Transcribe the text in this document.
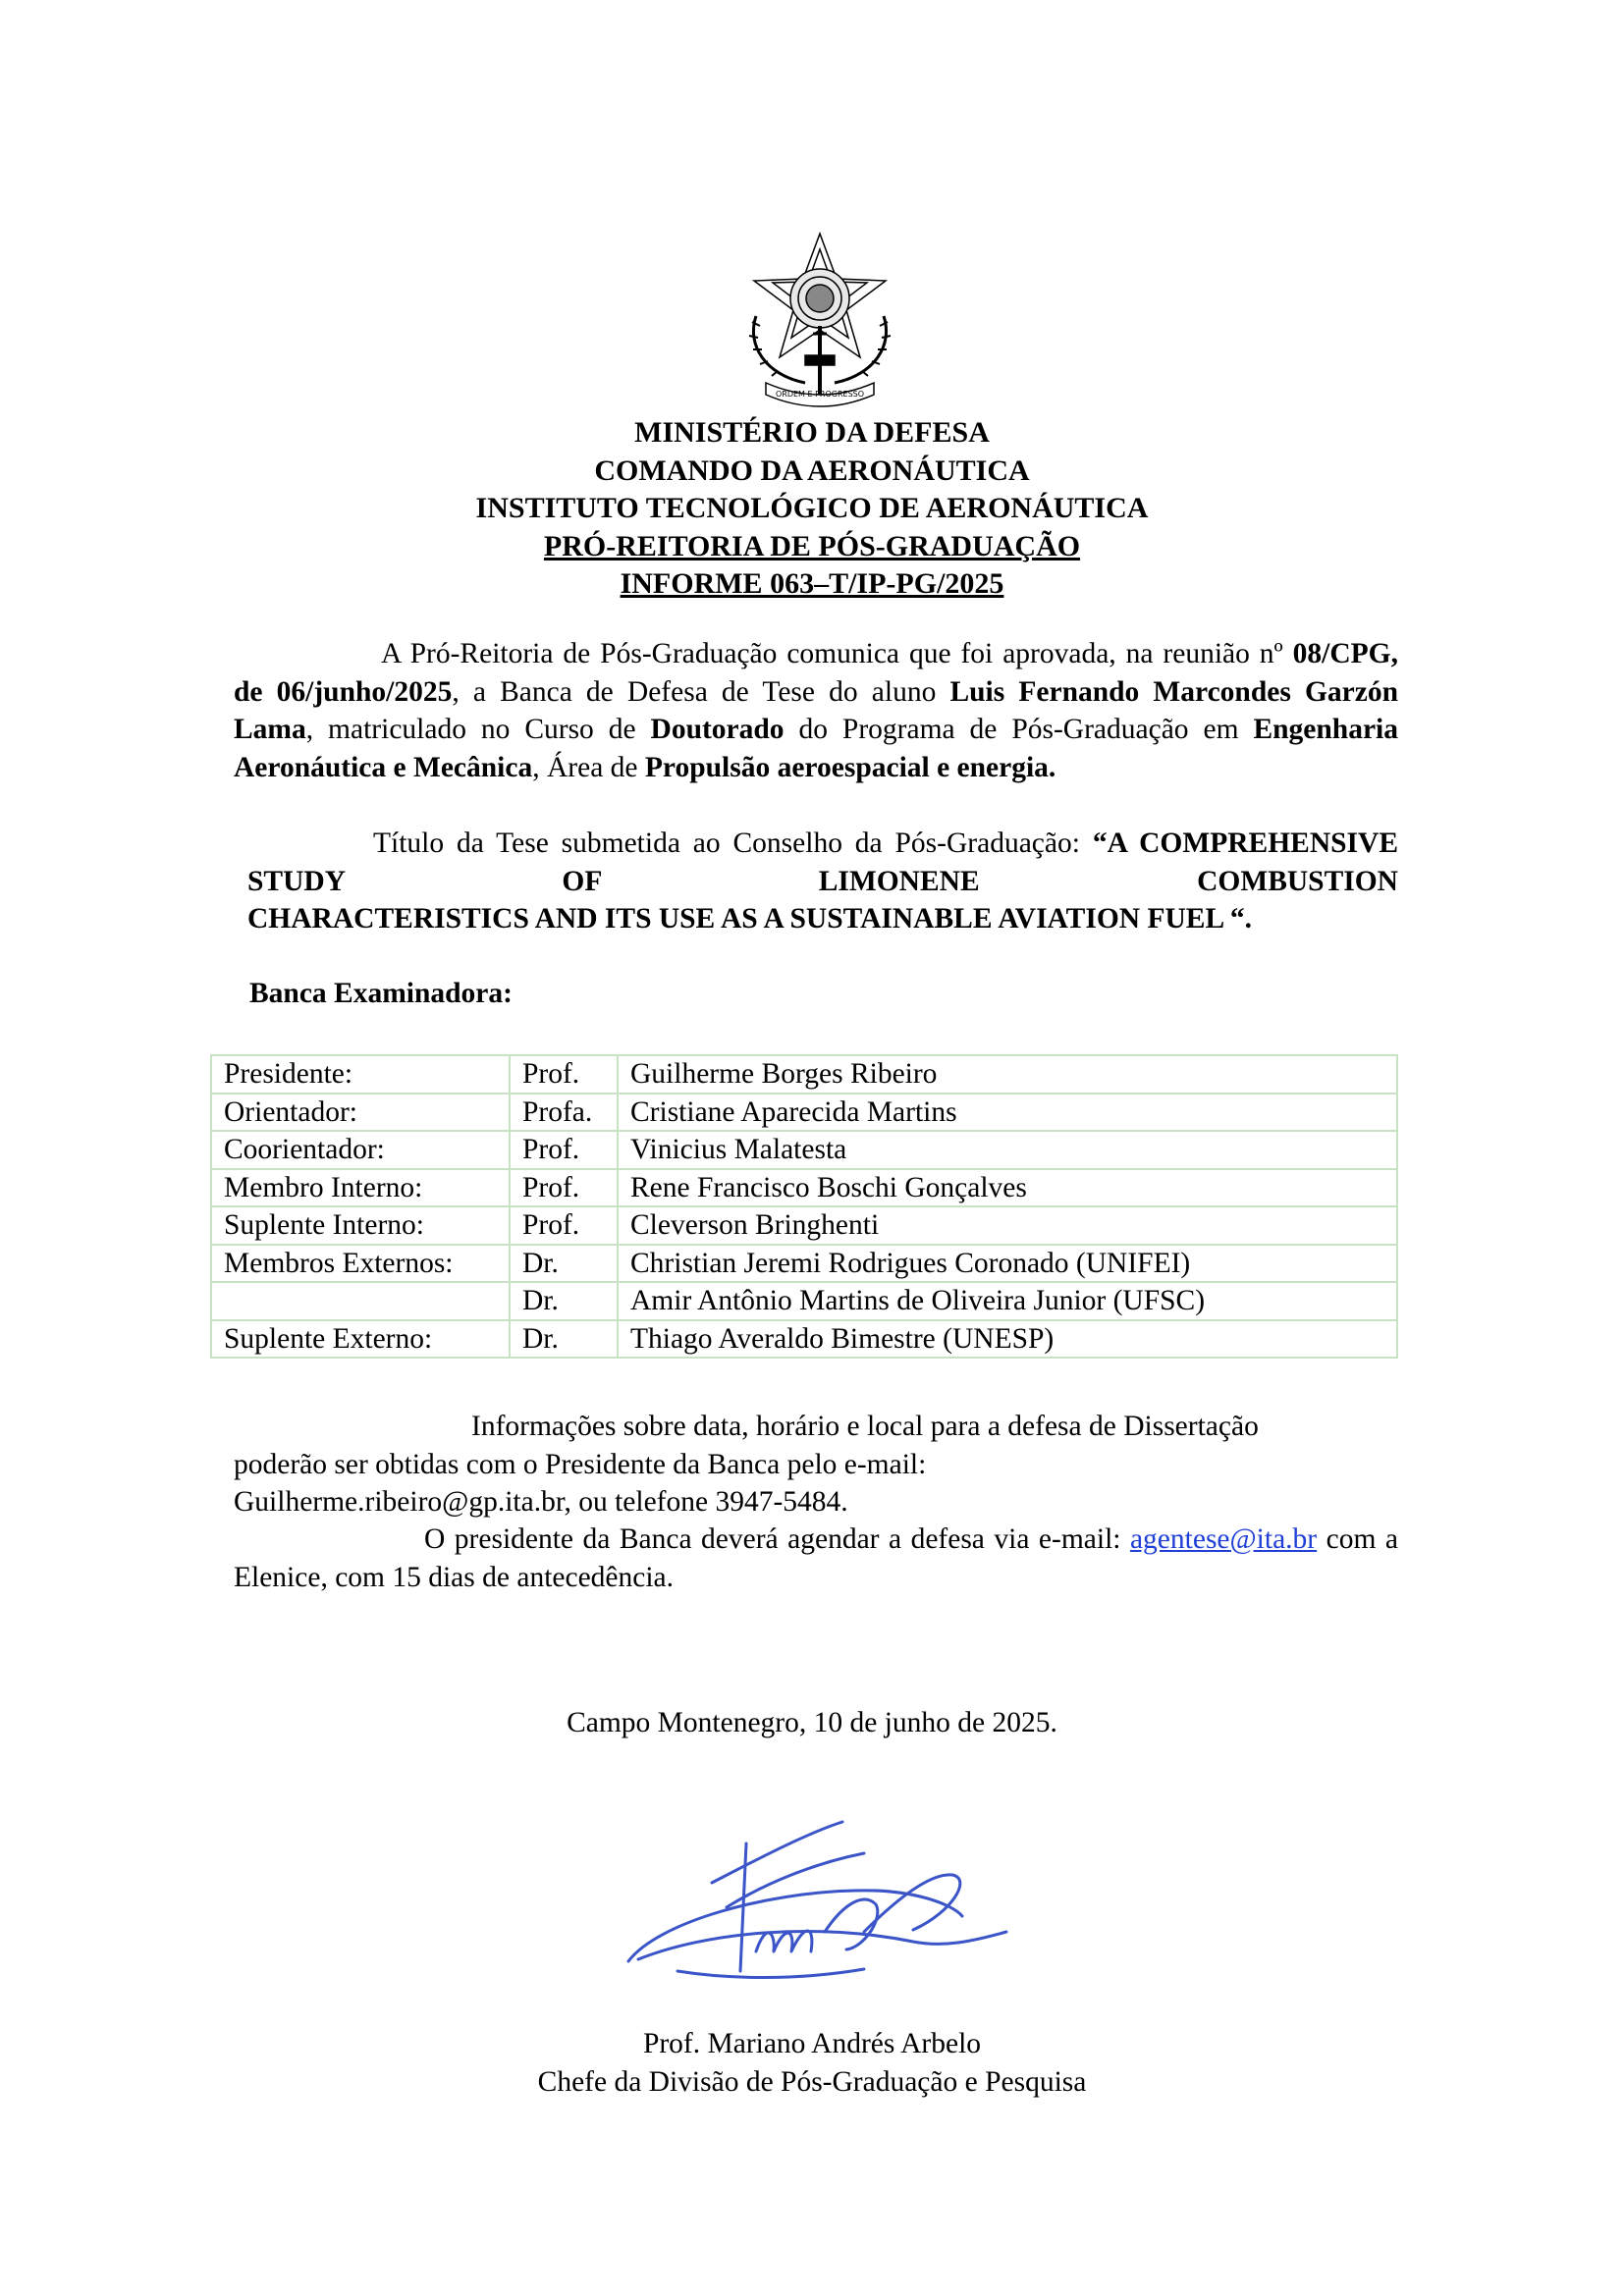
ORDEM E PROGRESSO
MINISTÉRIO DA DEFESA
COMANDO DA AERONÁUTICA
INSTITUTO TECNOLÓGICO DE AERONÁUTICA
PRÓ-REITORIA DE PÓS-GRADUAÇÃO
INFORME 063–T/IP-PG/2025
A Pró-Reitoria de Pós-Graduação comunica que foi aprovada, na reunião nº 08/CPG, de 06/junho/2025, a Banca de Defesa de Tese do aluno Luis Fernando Marcondes Garzón Lama, matriculado no Curso de Doutorado do Programa de Pós-Graduação em Engenharia Aeronáutica e Mecânica, Área de Propulsão aeroespacial e energia.
Título da Tese submetida ao Conselho da Pós-Graduação: “A COMPREHENSIVE STUDY OF LIMONENE COMBUSTION
CHARACTERISTICS AND ITS USE AS A SUSTAINABLE AVIATION FUEL “.
Banca Examinadora:
Presidente:	Prof.	Guilherme Borges Ribeiro
Orientador:	Profa.	Cristiane Aparecida Martins
Coorientador:	Prof.	Vinicius Malatesta
Membro Interno:	Prof.	Rene Francisco Boschi Gonçalves
Suplente Interno:	Prof.	Cleverson Bringhenti
Membros Externos:	Dr.	Christian Jeremi Rodrigues Coronado (UNIFEI)
	Dr.	Amir Antônio Martins de Oliveira Junior (UFSC)
Suplente Externo:	Dr.	Thiago Averaldo Bimestre (UNESP)
Informações sobre data, horário e local para a defesa de Dissertação
poderão ser obtidas com o Presidente da Banca pelo e-mail:
Guilherme.ribeiro@gp.ita.br, ou telefone 3947-5484.
O presidente da Banca deverá agendar a defesa via e-mail: agentese@ita.br com a Elenice, com 15 dias de antecedência.
Campo Montenegro, 10 de junho de 2025.
Prof. Mariano Andrés Arbelo
Chefe da Divisão de Pós-Graduação e Pesquisa
